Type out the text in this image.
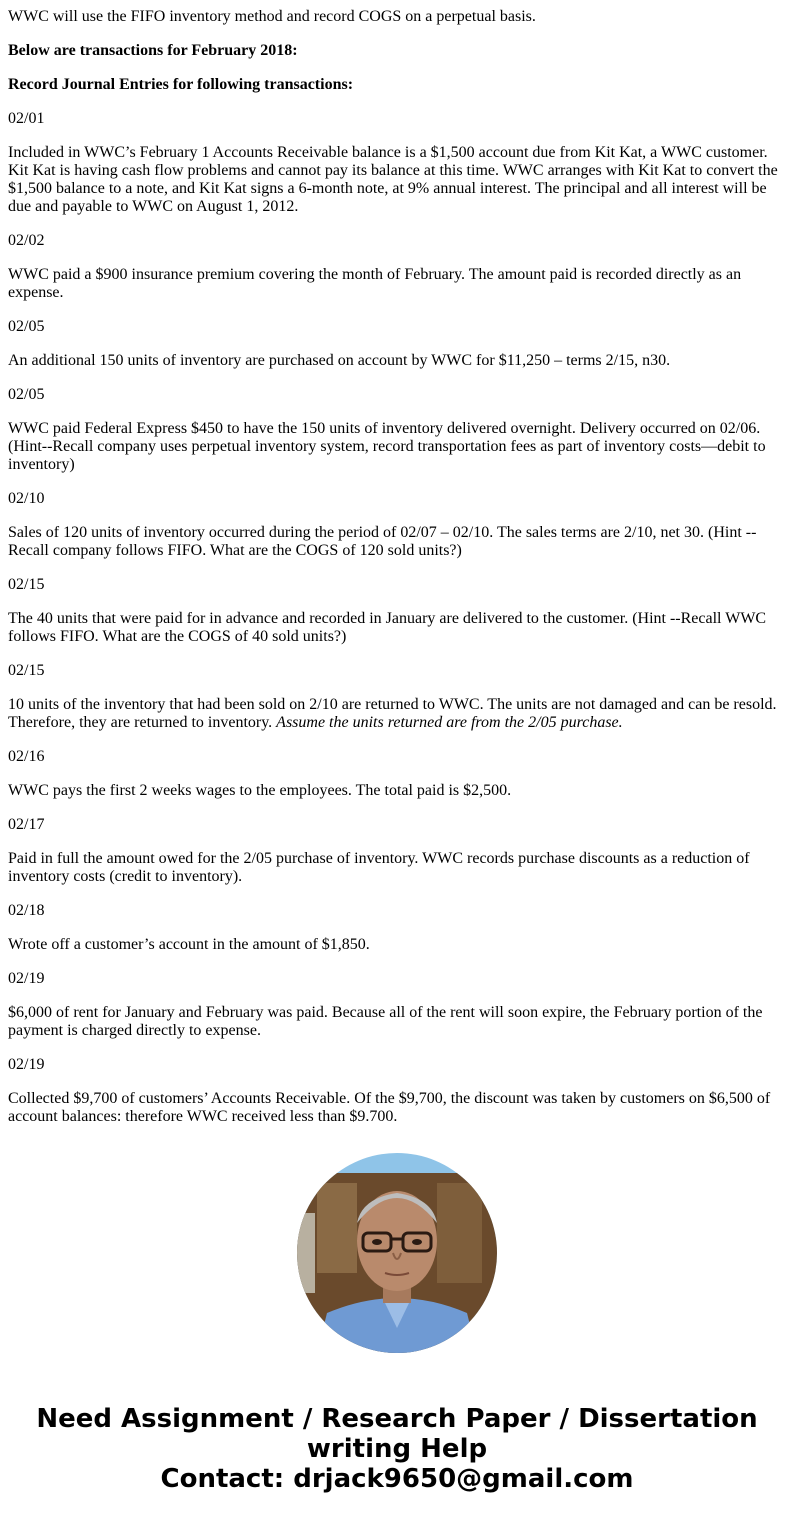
WWC will use the FIFO inventory method and record COGS on a perpetual basis.

Below are transactions for February 2018:

Record Journal Entries for following transactions:

02/01

Included in WWC’s February 1 Accounts Receivable balance is a $1,500 account due from Kit Kat, a WWC customer. Kit Kat is having cash flow problems and cannot pay its balance at this time. WWC arranges with Kit Kat to convert the $1,500 balance to a note, and Kit Kat signs a 6-month note, at 9% annual interest. The principal and all interest will be due and payable to WWC on August 1, 2012.

02/02

WWC paid a $900 insurance premium covering the month of February. The amount paid is recorded directly as an expense.

02/05

An additional 150 units of inventory are purchased on account by WWC for $11,250 – terms 2/15, n30.

02/05

WWC paid Federal Express $450 to have the 150 units of inventory delivered overnight. Delivery occurred on 02/06. (Hint--Recall company uses perpetual inventory system, record transportation fees as part of inventory costs—debit to inventory)

02/10

Sales of 120 units of inventory occurred during the period of 02/07 – 02/10. The sales terms are 2/10, net 30. (Hint --Recall company follows FIFO. What are the COGS of 120 sold units?)

02/15

The 40 units that were paid for in advance and recorded in January are delivered to the customer. (Hint --Recall WWC follows FIFO. What are the COGS of 40 sold units?)

02/15

10 units of the inventory that had been sold on 2/10 are returned to WWC. The units are not damaged and can be resold. Therefore, they are returned to inventory. Assume the units returned are from the 2/05 purchase.

02/16

WWC pays the first 2 weeks wages to the employees. The total paid is $2,500.

02/17

Paid in full the amount owed for the 2/05 purchase of inventory. WWC records purchase discounts as a reduction of inventory costs (credit to inventory).

02/18

Wrote off a customer’s account in the amount of $1,850.

02/19

$6,000 of rent for January and February was paid. Because all of the rent will soon expire, the February portion of the payment is charged directly to expense.

02/19

Collected $9,700 of customers’ Accounts Receivable. Of the $9,700, the discount was taken by customers on $6,500 of account balances: therefore WWC received less than $9.700.

Need Assignment / Research Paper / Dissertation
writing Help
Contact: drjack9650@gmail.com
